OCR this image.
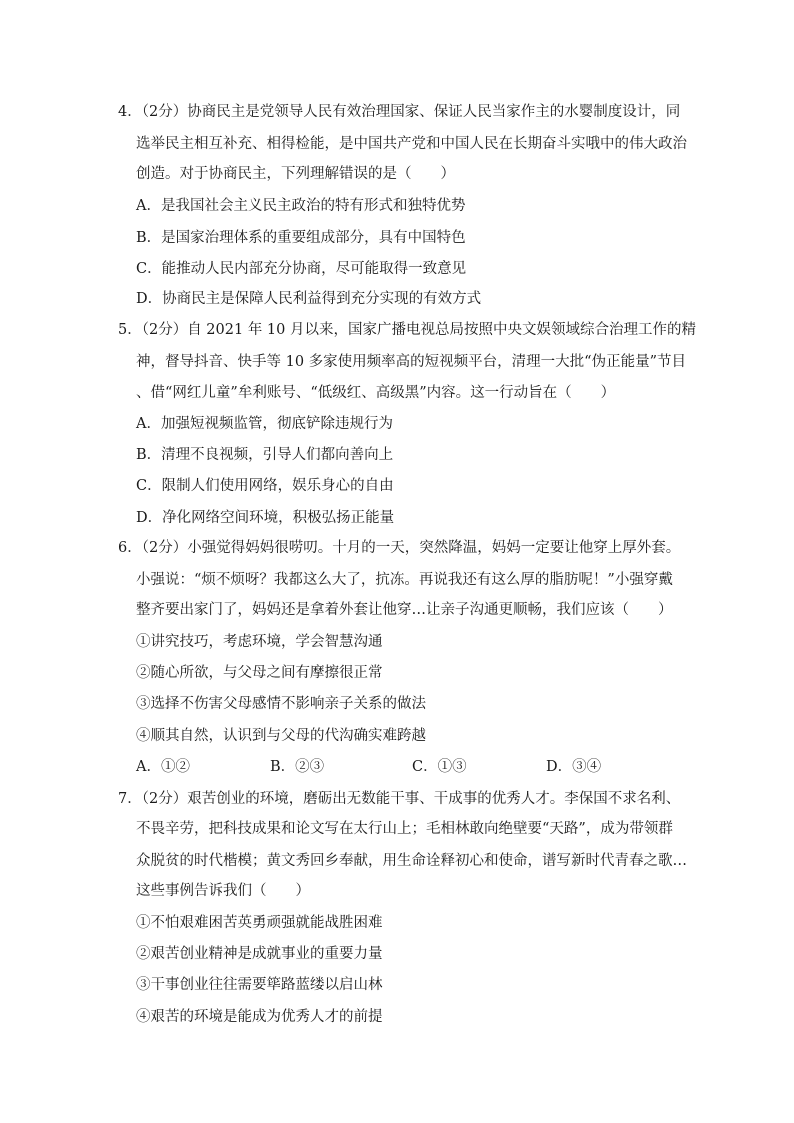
4．（2分）协商民主是党领导人民有效治理国家、保证人民当家作主的水婴制度设计，同
选举民主相互补充、相得检能，是中国共产党和中国人民在长期奋斗实哦中的伟大政治
创造。对于协商民主，下列理解错误的是（　　）
A．是我国社会主义民主政治的特有形式和独特优势
B．是国家治理体系的重要组成部分，具有中国特色
C．能推动人民内部充分协商，尽可能取得一致意见
D．协商民主是保障人民利益得到充分实现的有效方式
5．（2分）自 2021 年 10 月以来，国家广播电视总局按照中央文娱领域综合治理工作的精
神，督导抖音、快手等 10 多家使用频率高的短视频平台，清理一大批“伪正能量”节目
、借“网红儿童”牟利账号、“低级红、高级黑”内容。这一行动旨在（　　）
A．加强短视频监管，彻底铲除违规行为
B．清理不良视频，引导人们都向善向上
C．限制人们使用网络，娱乐身心的自由
D．净化网络空间环境，积极弘扬正能量
6．（2分）小强觉得妈妈很唠叨。十月的一天，突然降温，妈妈一定要让他穿上厚外套。
小强说：“烦不烦呀？我都这么大了，抗冻。再说我还有这么厚的脂肪呢！”小强穿戴
整齐要出家门了，妈妈还是拿着外套让他穿…让亲子沟通更顺畅，我们应该（　　）
①讲究技巧，考虑环境，学会智慧沟通
②随心所欲，与父母之间有摩擦很正常
③选择不伤害父母感情不影响亲子关系的做法
④顺其自然，认识到与父母的代沟确实难跨越
A．①②	B．②③	C．①③	D．③④
7．（2分）艰苦创业的环境，磨砺出无数能干事、干成事的优秀人才。李保国不求名利、
不畏辛劳，把科技成果和论文写在太行山上；毛相林敢向绝壁要“天路”，成为带领群
众脱贫的时代楷模；黄文秀回乡奉献，用生命诠释初心和使命，谱写新时代青春之歌…
这些事例告诉我们（　　）
①不怕艰难困苦英勇顽强就能战胜困难
②艰苦创业精神是成就事业的重要力量
③干事创业往往需要筚路蓝缕以启山林
④艰苦的环境是能成为优秀人才的前提
